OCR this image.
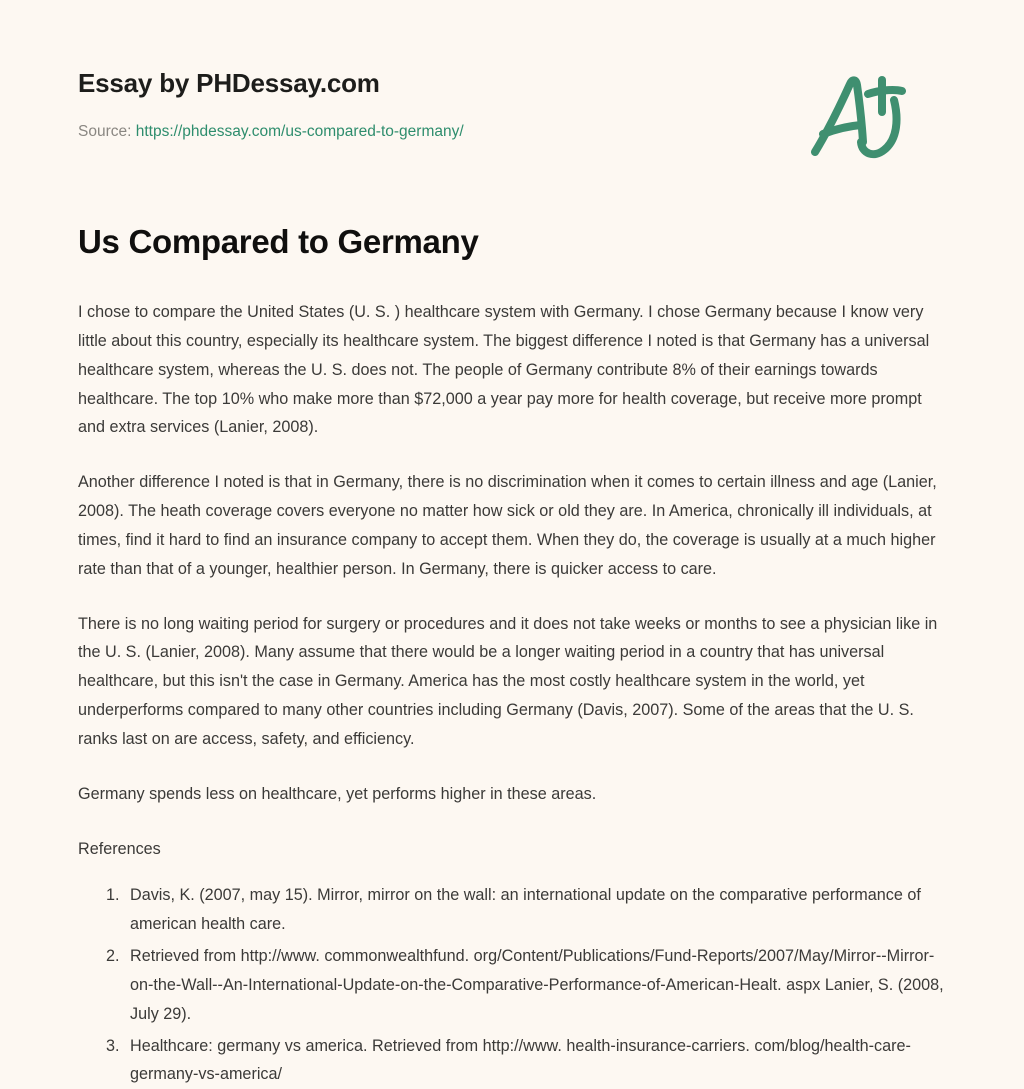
Essay by PHDessay.com
Source: https://phdessay.com/us-compared-to-germany/
Us Compared to Germany

I chose to compare the United States (U. S. ) healthcare system with Germany. I chose Germany because I know very little about this country, especially its healthcare system. The biggest difference I noted is that Germany has a universal healthcare system, whereas the U. S. does not. The people of Germany contribute 8% of their earnings towards healthcare. The top 10% who make more than $72,000 a year pay more for health coverage, but receive more prompt and extra services (Lanier, 2008).

Another difference I noted is that in Germany, there is no discrimination when it comes to certain illness and age (Lanier, 2008). The heath coverage covers everyone no matter how sick or old they are. In America, chronically ill individuals, at times, find it hard to find an insurance company to accept them. When they do, the coverage is usually at a much higher rate than that of a younger, healthier person. In Germany, there is quicker access to care.

There is no long waiting period for surgery or procedures and it does not take weeks or months to see a physician like in the U. S. (Lanier, 2008). Many assume that there would be a longer waiting period in a country that has universal healthcare, but this isn't the case in Germany. America has the most costly healthcare system in the world, yet underperforms compared to many other countries including Germany (Davis, 2007). Some of the areas that the U. S. ranks last on are access, safety, and efficiency.

Germany spends less on healthcare, yet performs higher in these areas.

References
1. Davis, K. (2007, may 15). Mirror, mirror on the wall: an international update on the comparative performance of american health care.
2. Retrieved from http://www. commonwealthfund. org/Content/Publications/Fund-Reports/2007/May/Mirror--Mirror-on-the-Wall--An-International-Update-on-the-Comparative-Performance-of-American-Healt. aspx Lanier, S. (2008, July 29).
3. Healthcare: germany vs america. Retrieved from http://www. health-insurance-carriers. com/blog/health-care-germany-vs-america/
